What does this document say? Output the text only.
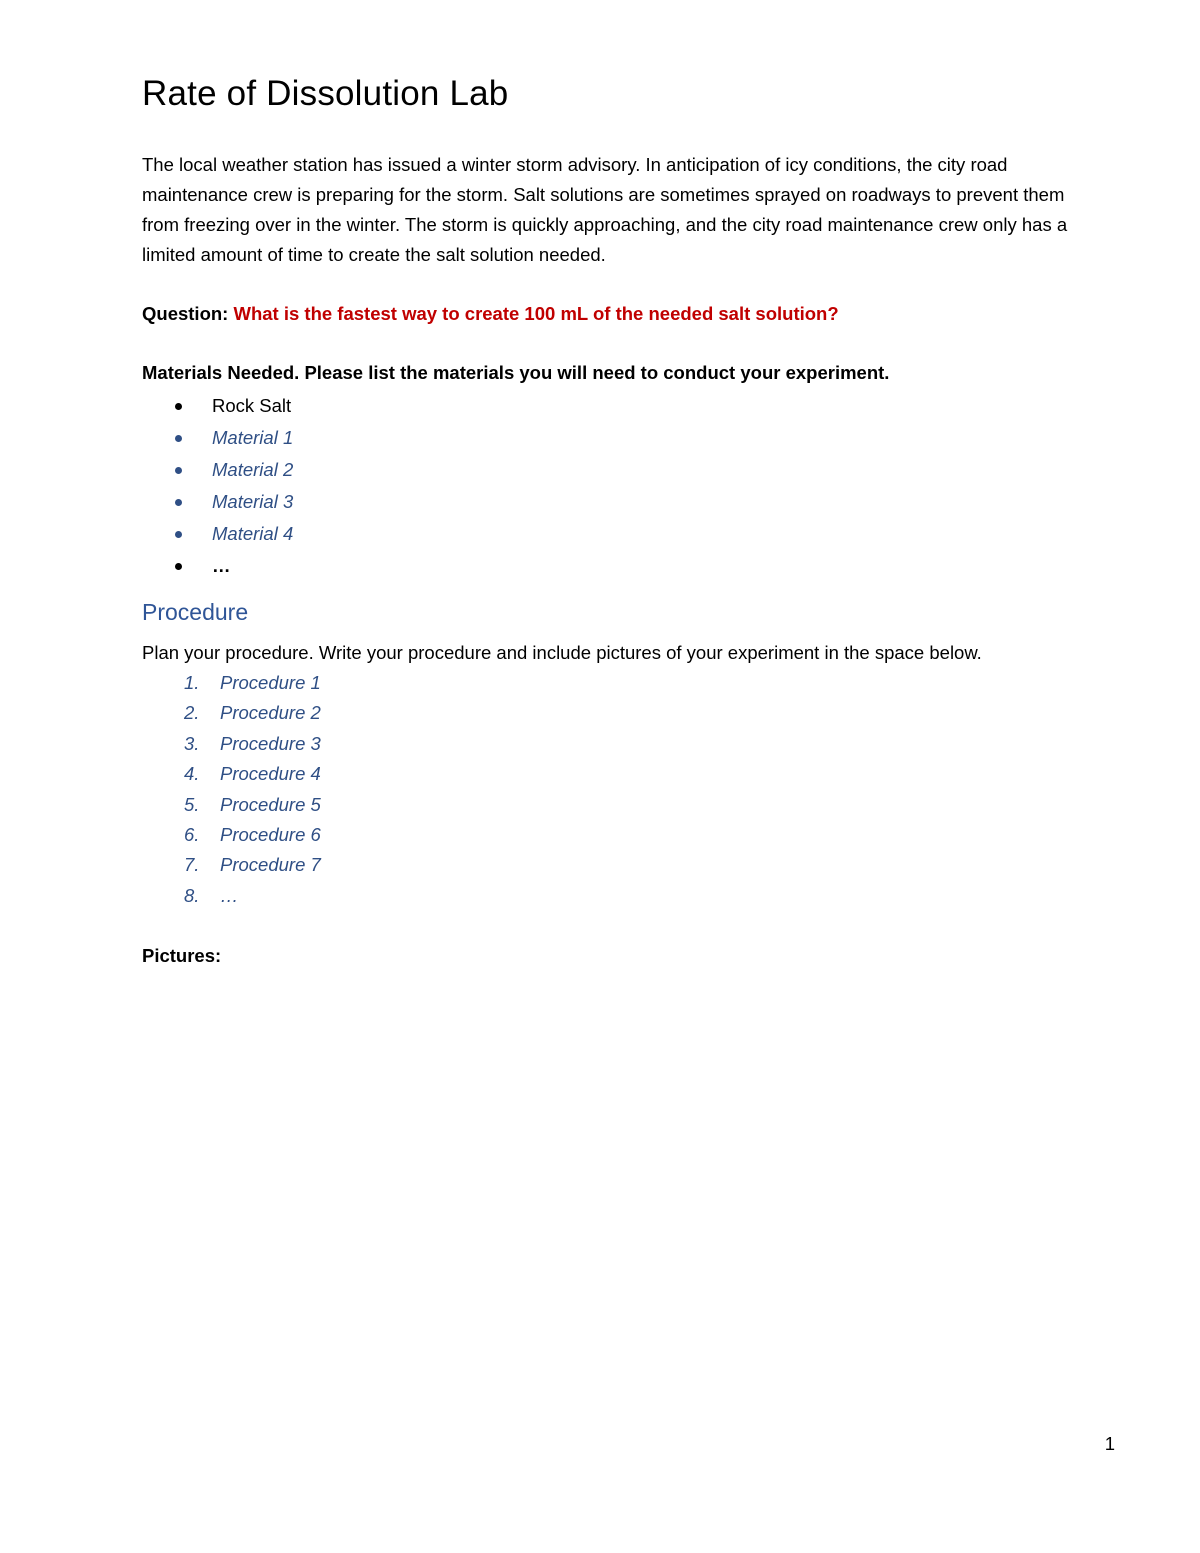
Rate of Dissolution Lab

The local weather station has issued a winter storm advisory. In anticipation of icy conditions, the city road maintenance crew is preparing for the storm. Salt solutions are sometimes sprayed on roadways to prevent them from freezing over in the winter. The storm is quickly approaching, and the city road maintenance crew only has a limited amount of time to create the salt solution needed.

Question: What is the fastest way to create 100 mL of the needed salt solution?

Materials Needed. Please list the materials you will need to conduct your experiment.

Rock Salt
Material 1
Material 2
Material 3
Material 4
…
Procedure

Plan your procedure. Write your procedure and include pictures of your experiment in the space below.

1. Procedure 1
2. Procedure 2
3. Procedure 3
4. Procedure 4
5. Procedure 5
6. Procedure 6
7. Procedure 7
8. …

Pictures:

1
